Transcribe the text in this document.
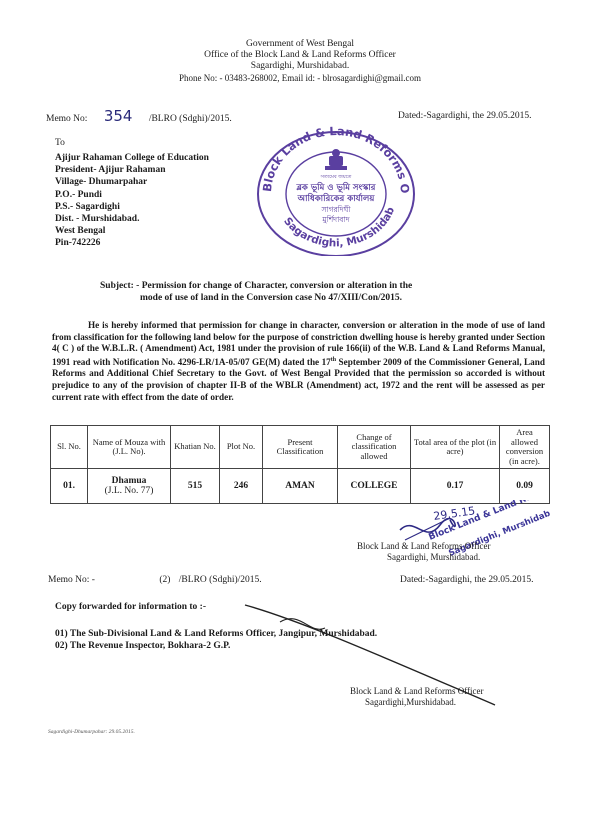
Government of West Bengal
Office of the Block Land & Land Reforms Officer
Sagardighi, Murshidabad.
Phone No: - 03483-268002, Email id: - blrosagardighi@gmail.com
Memo No: 354 /BLRO (Sdghi)/2015.	Dated:-Sagardighi, the 29.05.2015.
To
Ajijur Rahaman College of Education
President- Ajijur Rahaman
Village- Dhumarpahar
P.O.- Pundi
P.S.- Sagardighi
Dist. - Murshidabad.
West Bengal
Pin-742226
Block Land & Land Reforms O
Sagardighi, Murshidab
সত্যমেব জয়তে
ব্লক ভূমি ও ভূমি সংস্কার
আধিকারিকের কার্যালয়
সাগরদিঘী
মুর্শিদাবাদ
Subject: - Permission for change of Character, conversion or alteration in the
mode of use of land in the Conversion case No 47/XIII/Con/2015.
He is hereby informed that permission for change in character, conversion or alteration in the mode of use of land from classification for the following land below for the purpose of constriction dwelling house is hereby granted under Section 4( C ) of the W.B.L.R. ( Amendment) Act, 1981 under the provision of rule 166(ii) of the W.B. Land & Land Reforms Manual, 1991 read with Notification No. 4296-LR/1A-05/07 GE(M) dated the 17th September 2009 of the Commissioner General, Land Reforms and Additional Chief Secretary to the Govt. of West Bengal Provided that the permission so accorded is without prejudice to any of the provision of chapter II-B of the WBLR (Amendment) act, 1972 and the rent will be assessed as per current rate with effect from the date of order.
Sl. No.	Name of Mouza with (J.L. No).	Khatian No.	Plot No.	Present Classification	Change of classification allowed	Total area of the plot (in acre)	Area allowed conversion (in acre).
01.	Dhamua
(J.L. No. 77)	515	246	AMAN	COLLEGE	0.17	0.09
29.5.15
Block Land & Land
Sagardighi, Murshidabad
Block Land & Land Reforms Officer
Sagardighi, Murshidabad.
Memo No: -	(2) /BLRO (Sdghi)/2015.	Dated:-Sagardighi, the 29.05.2015.
Copy forwarded for information to :-
01) The Sub-Divisional Land & Land Reforms Officer, Jangipur, Murshidabad.
02) The Revenue Inspector, Bokhara-2 G.P.
Block Land & Land Reforms Officer
Sagardighi,Murshidabad.
Sagardighi-Dhumarpahar: 29.05.2015.
